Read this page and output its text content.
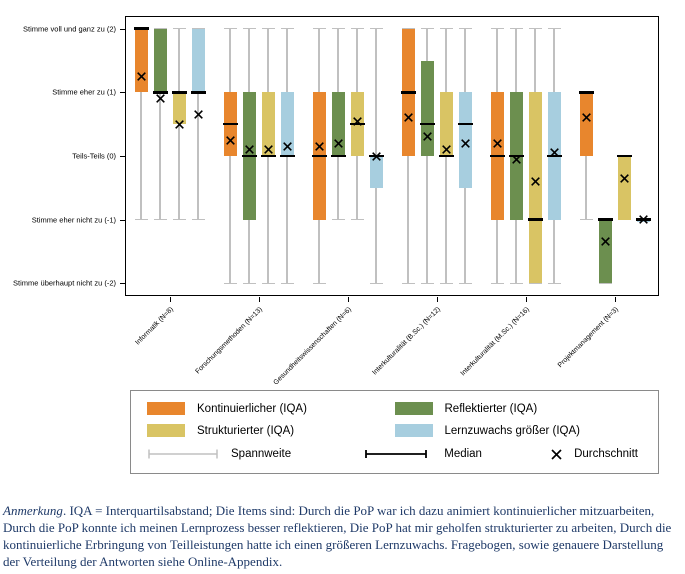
Stimme voll und ganz zu (2)
Stimme eher zu (1)
Teils-Teils (0)
Stimme eher nicht zu (-1)
Stimme überhaupt nicht zu (-2)
Informatik (N=8)	Forschungsmethoden (N=13)	Gesundheitswissenschaften (N=6)	Interkulturalität (B.Sc.) (N=12)	Interkulturalität (M.Sc.) (N=16)	Projektmanagement (N=3)
Kontinuierlicher (IQA)	Reflektierter (IQA)
Strukturierter (IQA)	Lernzuwachs größer (IQA)
Spannweite	Median	Durchschnitt
Anmerkung. IQA = Interquartilsabstand; Die Items sind: Durch die PoP war ich dazu animiert kontinuierlicher mitzuarbeiten, Durch die PoP konnte ich meinen Lernprozess besser reflektieren, Die PoP hat mir geholfen strukturierter zu arbeiten, Durch die kontinuierliche Erbringung von Teilleistungen hatte ich einen größeren Lernzuwachs. Fragebogen, sowie genauere Darstellung der Verteilung der Antworten siehe Online-Appendix.
